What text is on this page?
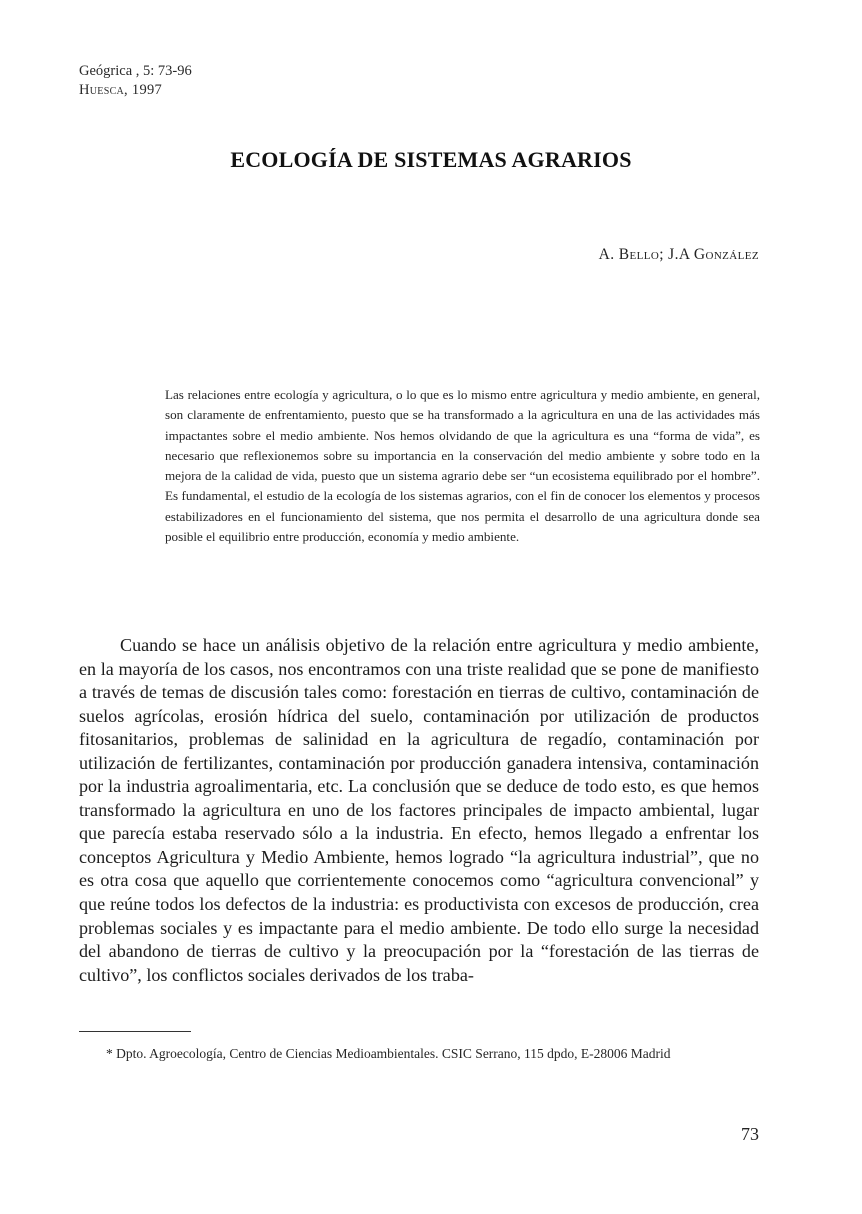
Geógrica , 5: 73-96
Huesca, 1997
ECOLOGÍA DE SISTEMAS AGRARIOS
A. Bello; J.A González
Las relaciones entre ecología y agricultura, o lo que es lo mismo entre agricultura y medio ambiente, en general, son claramente de enfrentamiento, puesto que se ha transformado a la agricultura en una de las actividades más impactantes sobre el medio ambiente. Nos hemos olvidando de que la agricultura es una “forma de vida”, es necesario que reflexionemos sobre su importancia en la conservación del medio ambiente y sobre todo en la mejora de la calidad de vida, puesto que un sistema agrario debe ser “un ecosistema equilibrado por el hombre”. Es fundamental, el estudio de la ecología de los sistemas agrarios, con el fin de conocer los elementos y procesos estabilizadores en el funcionamiento del sistema, que nos permita el desarrollo de una agricultura donde sea posible el equilibrio entre producción, economía y medio ambiente.
Cuando se hace un análisis objetivo de la relación entre agricultura y medio ambiente, en la mayoría de los casos, nos encontramos con una triste realidad que se pone de manifiesto a través de temas de discusión tales como: forestación en tierras de cultivo, contaminación de suelos agrícolas, erosión hídrica del suelo, contaminación por utilización de productos fitosanitarios, problemas de salinidad en la agricultura de regadío, contaminación por utilización de fertilizantes, contaminación por producción ganadera intensiva, contaminación por la industria agroalimentaria, etc. La conclusión que se deduce de todo esto, es que hemos transformado la agricultura en uno de los factores principales de impacto ambiental, lugar que parecía estaba reservado sólo a la industria. En efecto, hemos llegado a enfrentar los conceptos Agricultura y Medio Ambiente, hemos logrado “la agricultura industrial”, que no es otra cosa que aquello que corrientemente conocemos como “agricultura convencional” y que reúne todos los defectos de la industria: es productivista con excesos de producción, crea problemas sociales y es impactante para el medio ambiente. De todo ello surge la necesidad del abandono de tierras de cultivo y la preocupación por la “forestación de las tierras de cultivo”, los conflictos sociales derivados de los traba-
* Dpto. Agroecología, Centro de Ciencias Medioambientales. CSIC Serrano, 115 dpdo, E-28006 Madrid
73
